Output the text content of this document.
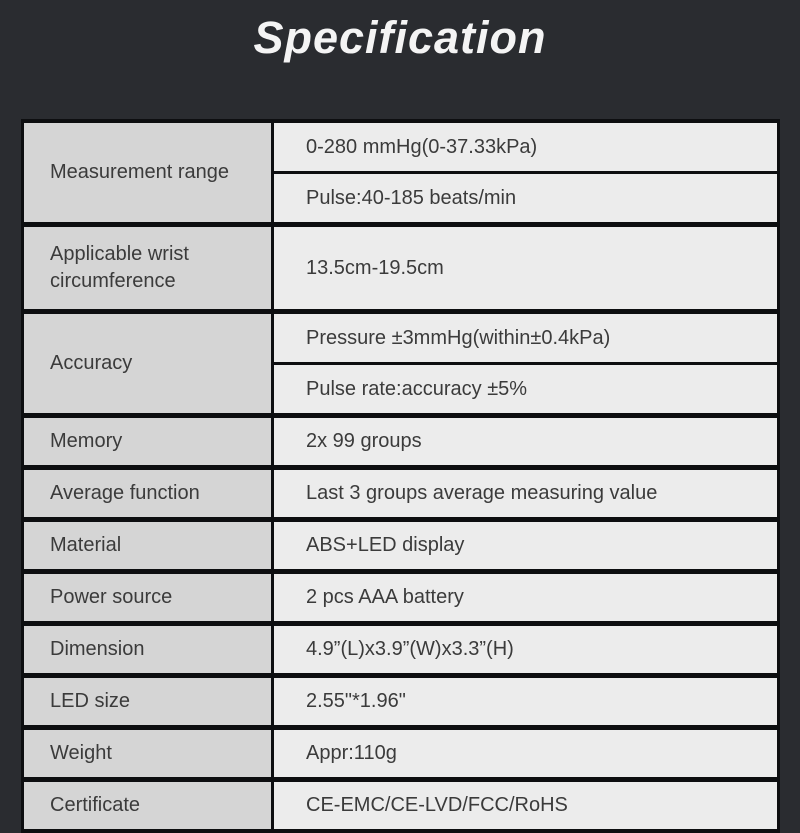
Specification
Measurement range	0-280 mmHg(0-37.33kPa)
	Pulse:40-185 beats/min
Applicable wrist circumference	13.5cm-19.5cm
Accuracy	Pressure ±3mmHg(within±0.4kPa)
	Pulse rate:accuracy ±5%
Memory	2x 99 groups
Average function	Last 3 groups average measuring value
Material	ABS+LED display
Power source	2 pcs AAA battery
Dimension	4.9”(L)x3.9”(W)x3.3”(H)
LED size	2.55"*1.96"
Weight	Appr:110g
Certificate	CE-EMC/CE-LVD/FCC/RoHS
